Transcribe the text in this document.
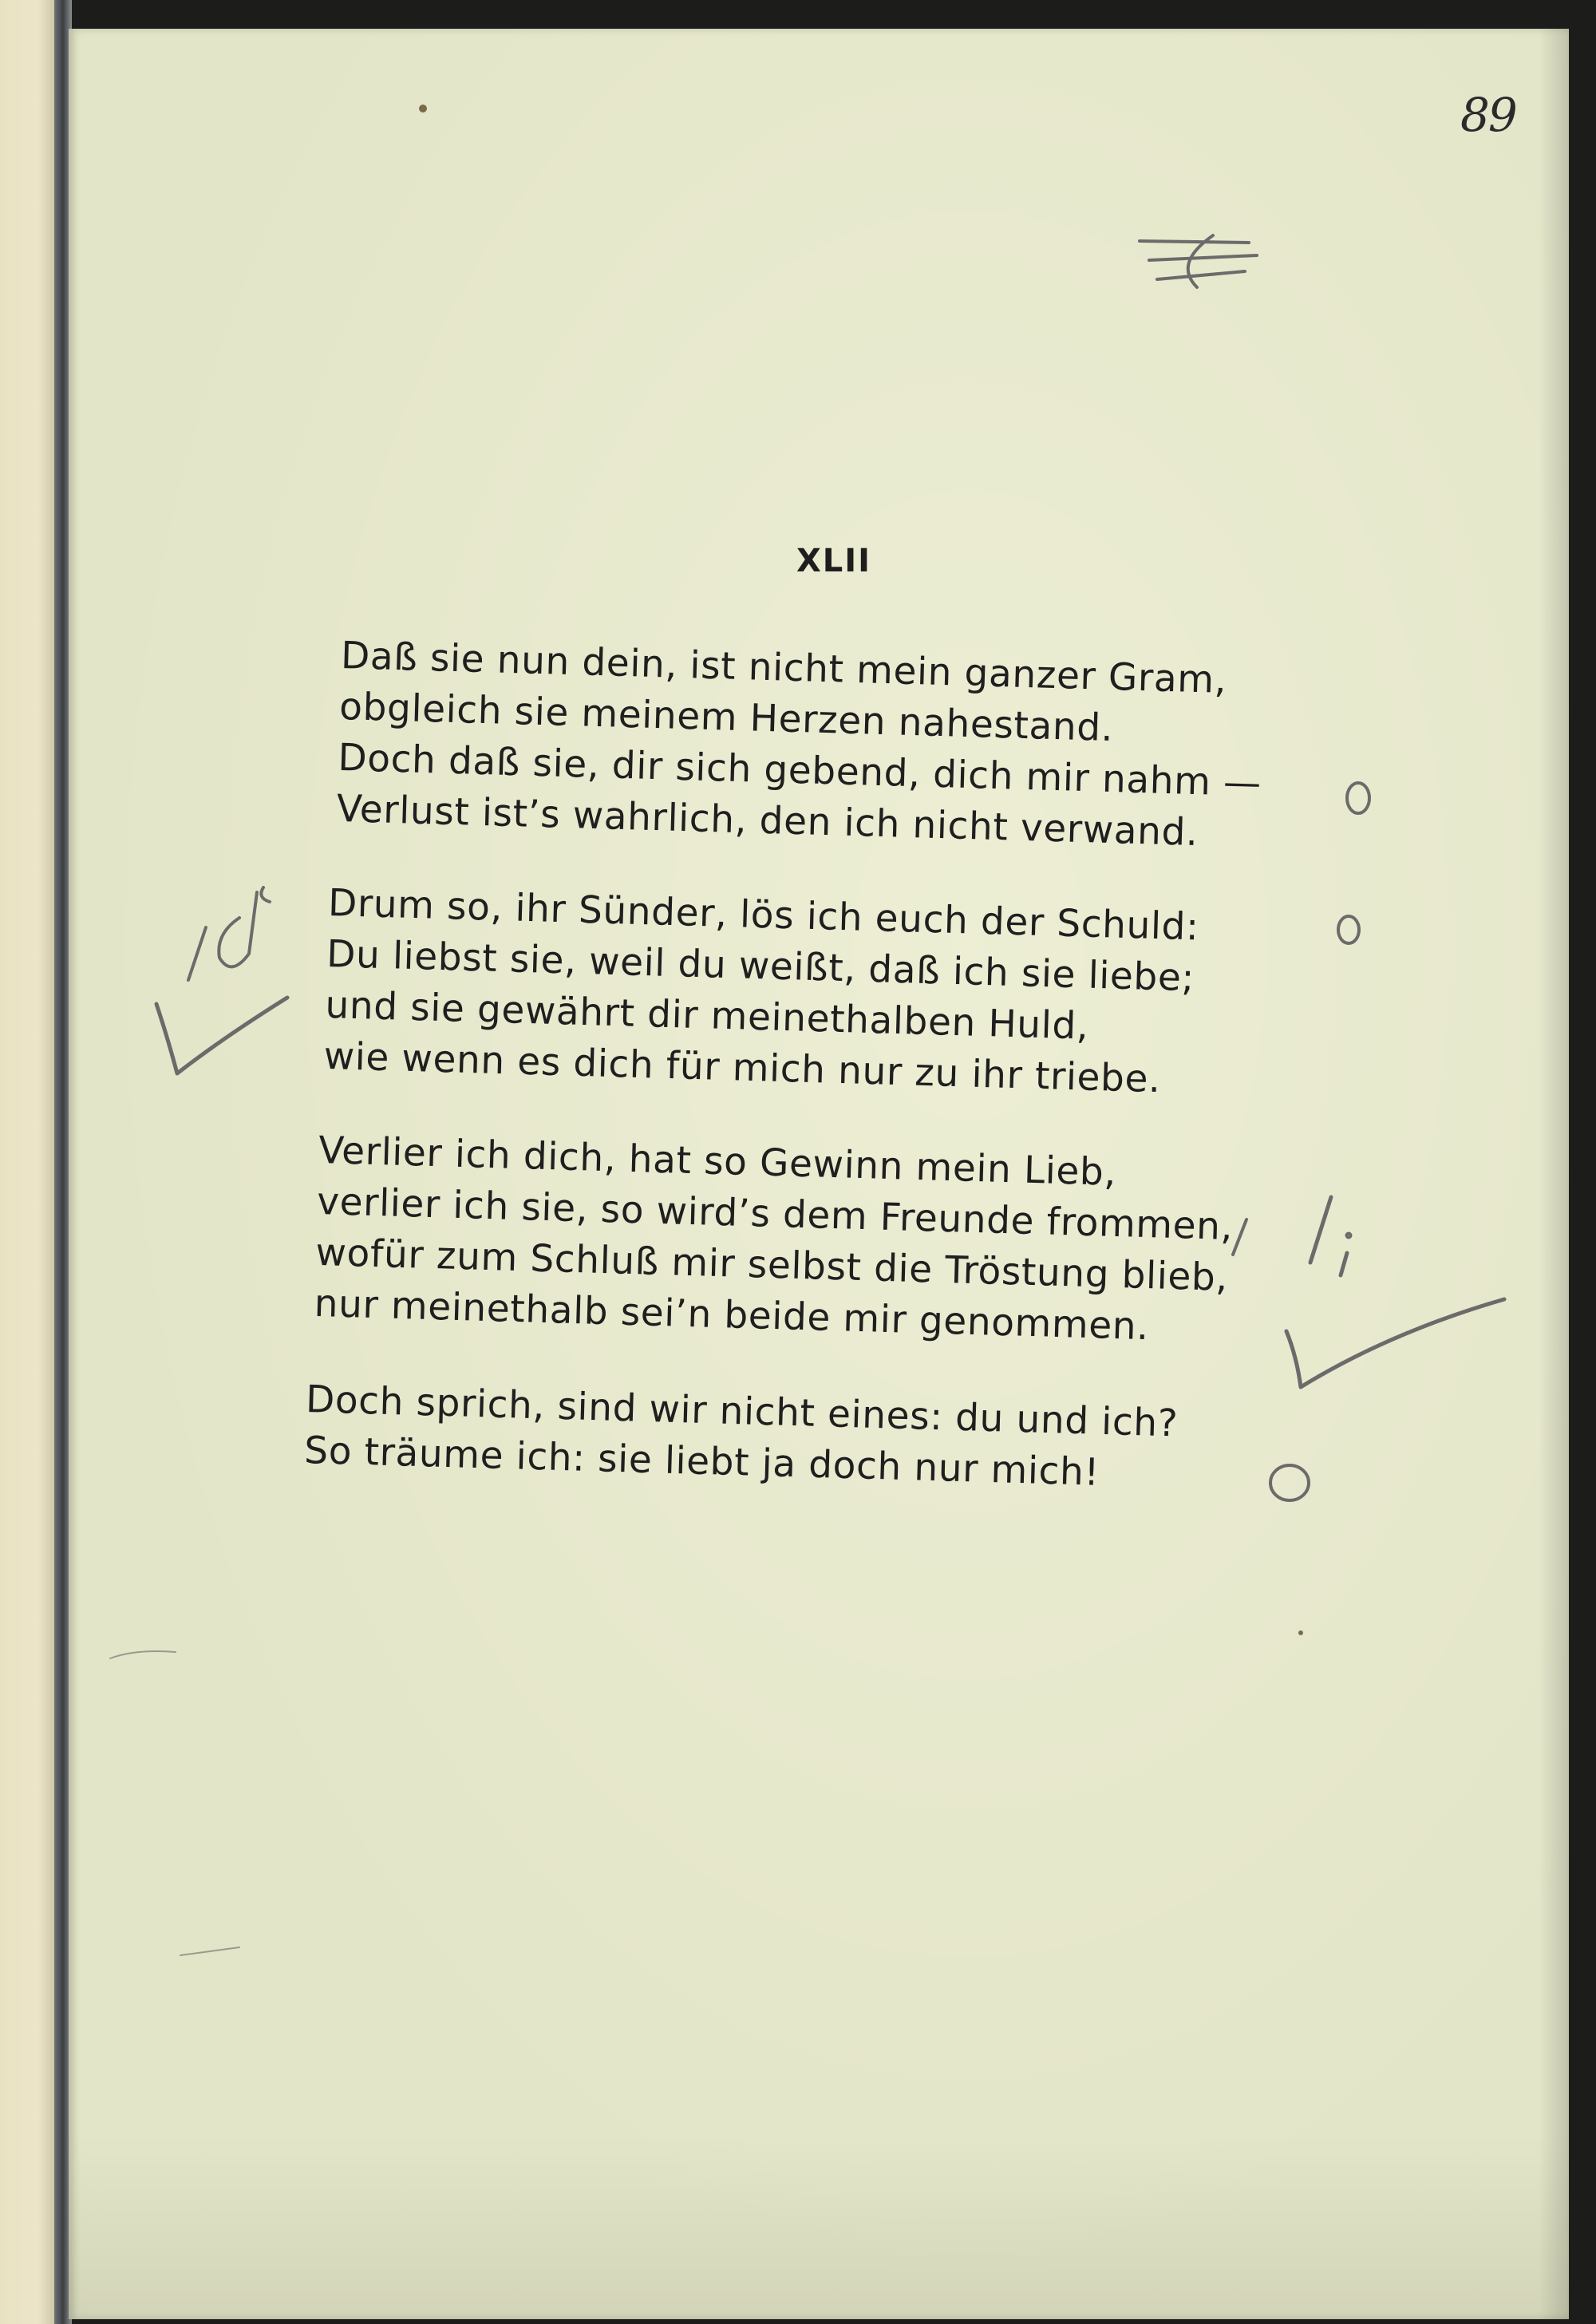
89
XLII
Daß sie nun dein, ist nicht mein ganzer Gram,
obgleich sie meinem Herzen nahestand.
Doch daß sie, dir sich gebend, dich mir nahm —
Verlust ist’s wahrlich, den ich nicht verwand.
Drum so, ihr Sünder, lös ich euch der Schuld:
Du liebst sie, weil du weißt, daß ich sie liebe;
und sie gewährt dir meinethalben Huld,
wie wenn es dich für mich nur zu ihr triebe.
Verlier ich dich, hat so Gewinn mein Lieb,
verlier ich sie, so wird’s dem Freunde frommen,
wofür zum Schluß mir selbst die Tröstung blieb,
nur meinethalb sei’n beide mir genommen.
Doch sprich, sind wir nicht eines: du und ich?
So träume ich: sie liebt ja doch nur mich!
